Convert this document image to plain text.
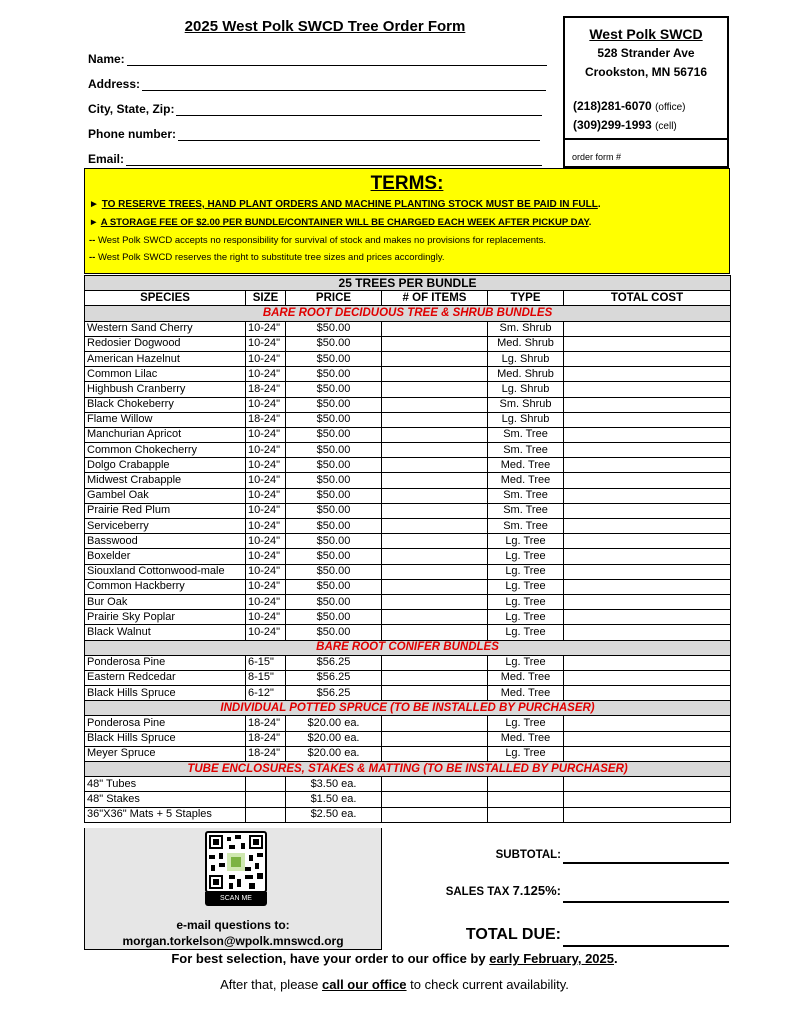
2025 West Polk SWCD Tree Order Form
Name:
Address:
City, State, Zip:
Phone number:
Email:
West Polk SWCD
528 Strander Ave
Crookston, MN 56716
(218)281-6070 (office)
(309)299-1993 (cell)
order form #
TERMS:
► TO RESERVE TREES, HAND PLANT ORDERS AND MACHINE PLANTING STOCK MUST BE PAID IN FULL.
► A STORAGE FEE OF $2.00 PER BUNDLE/CONTAINER WILL BE CHARGED EACH WEEK AFTER PICKUP DAY.
-- West Polk SWCD accepts no responsibility for survival of stock and makes no provisions for replacements.
-- West Polk SWCD reserves the right to substitute tree sizes and prices accordingly.
25 TREES PER BUNDLE					
SPECIES	SIZE	PRICE	# OF ITEMS	TYPE	TOTAL COST
BARE ROOT DECIDUOUS TREE & SHRUB BUNDLES					
Western Sand Cherry	10-24"	$50.00		Sm. Shrub	
Redosier Dogwood	10-24"	$50.00		Med. Shrub	
American Hazelnut	10-24"	$50.00		Lg. Shrub	
Common Lilac	10-24"	$50.00		Med. Shrub	
Highbush Cranberry	18-24"	$50.00		Lg. Shrub	
Black Chokeberry	10-24"	$50.00		Sm. Shrub	
Flame Willow	18-24"	$50.00		Lg. Shrub	
Manchurian Apricot	10-24"	$50.00		Sm. Tree	
Common Chokecherry	10-24"	$50.00		Sm. Tree	
Dolgo Crabapple	10-24"	$50.00		Med. Tree	
Midwest Crabapple	10-24"	$50.00		Med. Tree	
Gambel Oak	10-24"	$50.00		Sm. Tree	
Prairie Red Plum	10-24"	$50.00		Sm. Tree	
Serviceberry	10-24"	$50.00		Sm. Tree	
Basswood	10-24"	$50.00		Lg. Tree	
Boxelder	10-24"	$50.00		Lg. Tree	
Siouxland Cottonwood-male	10-24"	$50.00		Lg. Tree	
Common Hackberry	10-24"	$50.00		Lg. Tree	
Bur Oak	10-24"	$50.00		Lg. Tree	
Prairie Sky Poplar	10-24"	$50.00		Lg. Tree	
Black Walnut	10-24"	$50.00		Lg. Tree	
BARE ROOT CONIFER BUNDLES					
Ponderosa Pine	6-15"	$56.25		Lg. Tree	
Eastern Redcedar	8-15"	$56.25		Med. Tree	
Black Hills Spruce	6-12"	$56.25		Med. Tree	
INDIVIDUAL POTTED SPRUCE (TO BE INSTALLED BY PURCHASER)					
Ponderosa Pine	18-24"	$20.00 ea.		Lg. Tree	
Black Hills Spruce	18-24"	$20.00 ea.		Med. Tree	
Meyer Spruce	18-24"	$20.00 ea.		Lg. Tree	
TUBE ENCLOSURES, STAKES & MATTING (TO BE INSTALLED BY PURCHASER)					
48" Tubes		$3.50 ea.			
48" Stakes		$1.50 ea.			
36"X36" Mats + 5 Staples		$2.50 ea.			
SCAN ME
e-mail questions to:
morgan.torkelson@wpolk.mnswcd.org
SUBTOTAL:
SALES TAX 7.125%:
TOTAL DUE:
For best selection, have your order to our office by early February, 2025.
After that, please call our office to check current availability.
